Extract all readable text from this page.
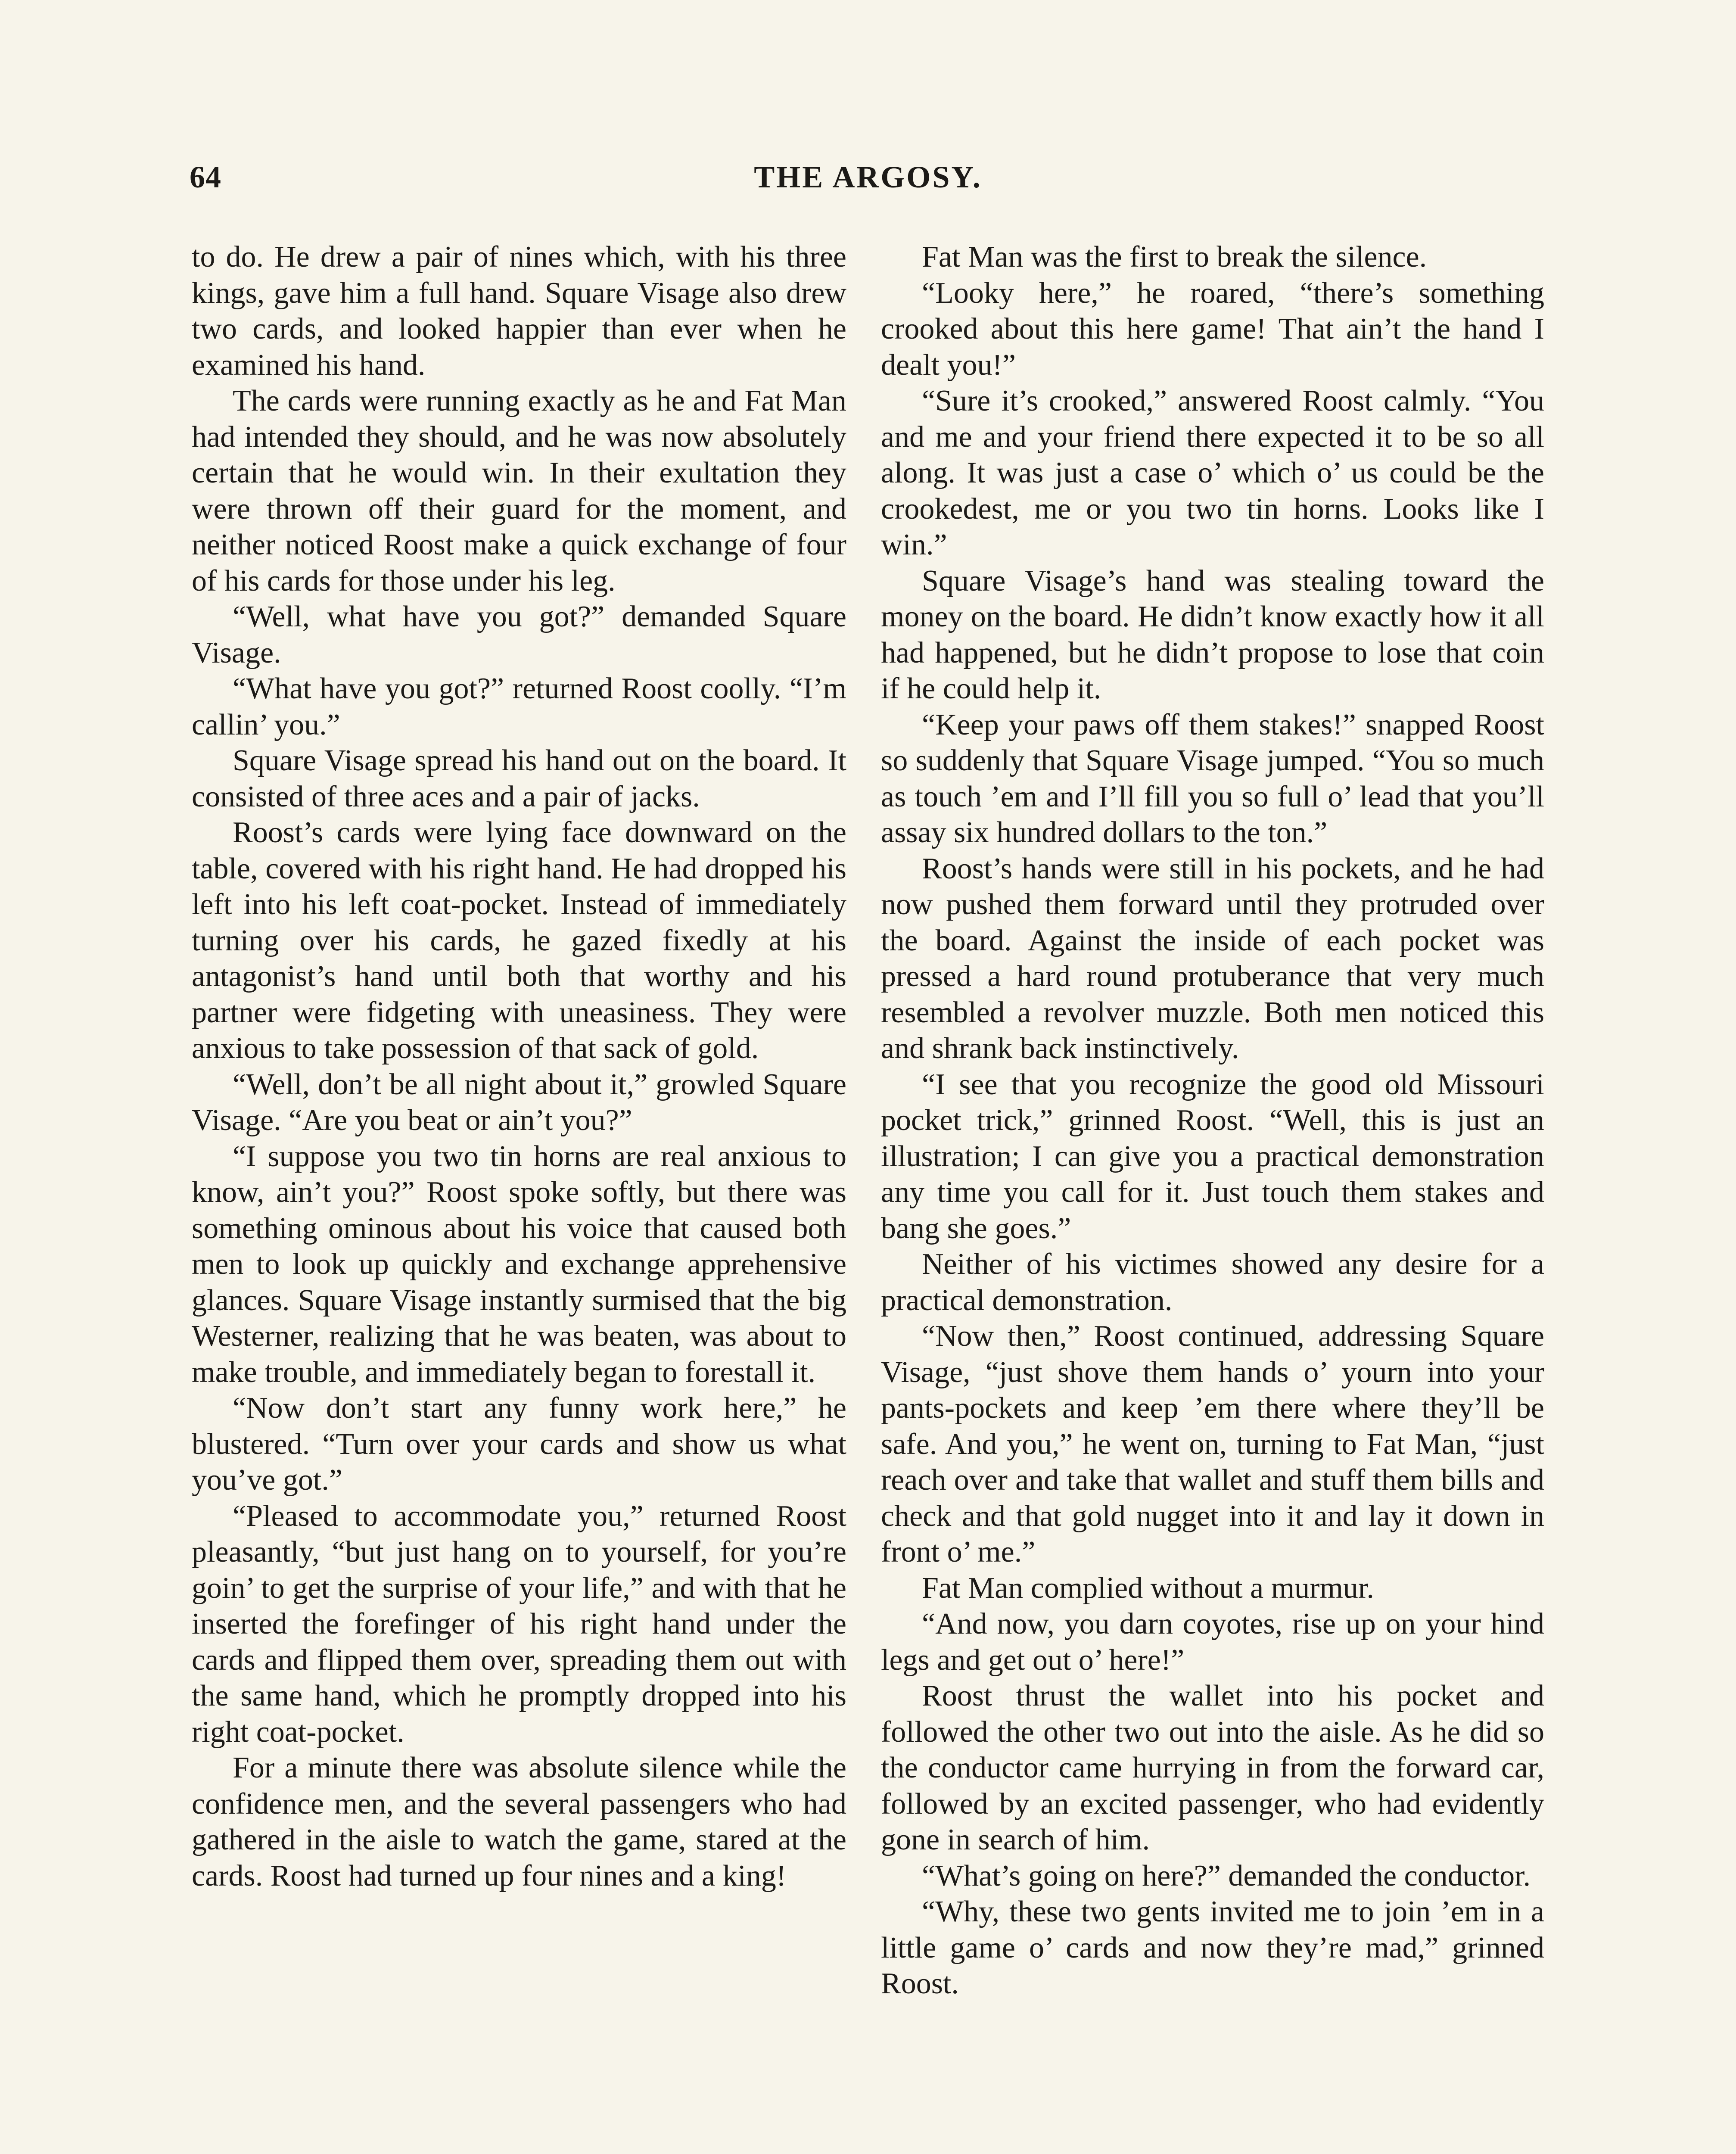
64	THE ARGOSY.

to do. He drew a pair of nines which, with his three kings, gave him a full hand. Square Visage also drew two cards, and looked happier than ever when he examined his hand.

The cards were running exactly as he and Fat Man had intended they should, and he was now absolutely certain that he would win. In their exultation they were thrown off their guard for the moment, and neither noticed Roost make a quick exchange of four of his cards for those under his leg.

“Well, what have you got?” demanded Square Visage.

“What have you got?” returned Roost coolly. “I’m callin’ you.”

Square Visage spread his hand out on the board. It consisted of three aces and a pair of jacks.

Roost’s cards were lying face downward on the table, covered with his right hand. He had dropped his left into his left coat-pocket. Instead of immediately turning over his cards, he gazed fixedly at his antagonist’s hand until both that worthy and his partner were fidgeting with uneasiness. They were anxious to take possession of that sack of gold.

“Well, don’t be all night about it,” growled Square Visage. “Are you beat or ain’t you?”

“I suppose you two tin horns are real anxious to know, ain’t you?” Roost spoke softly, but there was something ominous about his voice that caused both men to look up quickly and exchange apprehensive glances. Square Visage instantly surmised that the big Westerner, realizing that he was beaten, was about to make trouble, and immediately began to forestall it.

“Now don’t start any funny work here,” he blustered. “Turn over your cards and show us what you’ve got.”

“Pleased to accommodate you,” returned Roost pleasantly, “but just hang on to yourself, for you’re goin’ to get the surprise of your life,” and with that he inserted the forefinger of his right hand under the cards and flipped them over, spreading them out with the same hand, which he promptly dropped into his right coat-pocket.

For a minute there was absolute silence while the confidence men, and the several passengers who had gathered in the aisle to watch the game, stared at the cards. Roost had turned up four nines and a king!

Fat Man was the first to break the silence.

“Looky here,” he roared, “there’s something crooked about this here game! That ain’t the hand I dealt you!”

“Sure it’s crooked,” answered Roost calmly. “You and me and your friend there expected it to be so all along. It was just a case o’ which o’ us could be the crookedest, me or you two tin horns. Looks like I win.”

Square Visage’s hand was stealing toward the money on the board. He didn’t know exactly how it all had happened, but he didn’t propose to lose that coin if he could help it.

“Keep your paws off them stakes!” snapped Roost so suddenly that Square Visage jumped. “You so much as touch ’em and I’ll fill you so full o’ lead that you’ll assay six hundred dollars to the ton.”

Roost’s hands were still in his pockets, and he had now pushed them forward until they protruded over the board. Against the inside of each pocket was pressed a hard round protuberance that very much resembled a revolver muzzle. Both men noticed this and shrank back instinctively.

“I see that you recognize the good old Missouri pocket trick,” grinned Roost. “Well, this is just an illustration; I can give you a practical demonstration any time you call for it. Just touch them stakes and bang she goes.”

Neither of his victimes showed any desire for a practical demonstration.

“Now then,” Roost continued, addressing Square Visage, “just shove them hands o’ yourn into your pants-pockets and keep ’em there where they’ll be safe. And you,” he went on, turning to Fat Man, “just reach over and take that wallet and stuff them bills and check and that gold nugget into it and lay it down in front o’ me.”

Fat Man complied without a murmur.

“And now, you darn coyotes, rise up on your hind legs and get out o’ here!”

Roost thrust the wallet into his pocket and followed the other two out into the aisle. As he did so the conductor came hurrying in from the forward car, followed by an excited passenger, who had evidently gone in search of him.

“What’s going on here?” demanded the conductor.

“Why, these two gents invited me to join ’em in a little game o’ cards and now they’re mad,” grinned Roost.
